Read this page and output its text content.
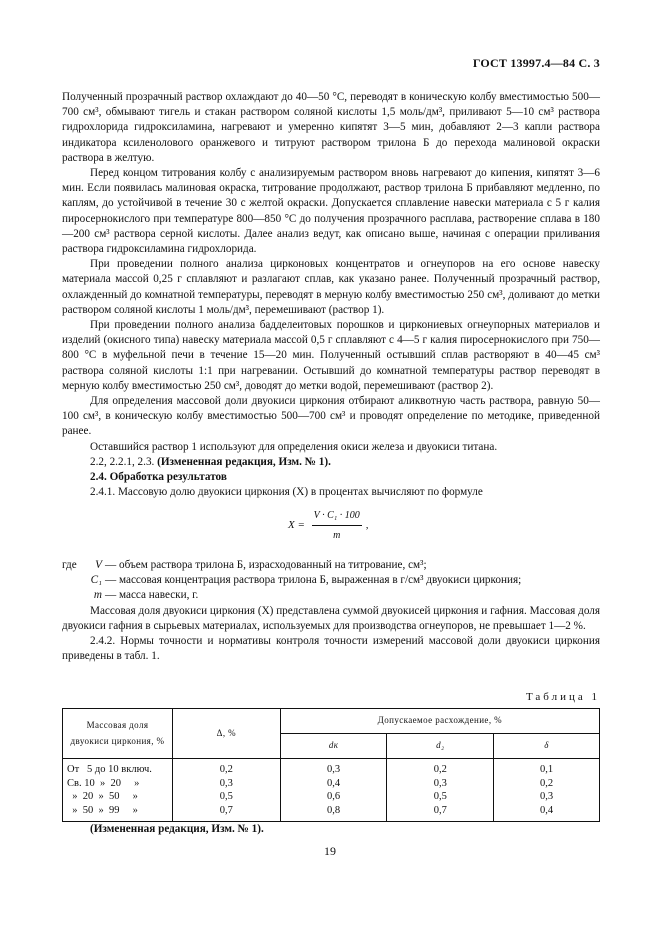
ГОСТ 13997.4—84 С. 3

Полученный прозрачный раствор охлаждают до 40—50 °С, переводят в коническую колбу вместимостью 500—700 см³, обмывают тигель и стакан раствором соляной кислоты 1,5 моль/дм³, приливают 5—10 см³ раствора гидрохлорида гидроксиламина, нагревают и умеренно кипятят 3—5 мин, добавляют 2—3 капли раствора индикатора ксиленолового оранжевого и титруют раствором трилона Б до перехода малиновой окраски раствора в желтую.

Перед концом титрования колбу с анализируемым раствором вновь нагревают до кипения, кипятят 3—6 мин. Если появилась малиновая окраска, титрование продолжают, раствор трилона Б прибавляют медленно, по каплям, до устойчивой в течение 30 с желтой окраски. Допускается сплавление навески материала с 5 г калия пиросернокислого при температуре 800—850 °С до получения прозрачного расплава, растворение сплава в 180—200 см³ раствора серной кислоты. Далее анализ ведут, как описано выше, начиная с операции приливания раствора гидроксиламина гидрохлорида.

При проведении полного анализа цирконовых концентратов и огнеупоров на его основе навеску материала массой 0,25 г сплавляют и разлагают сплав, как указано ранее. Полученный прозрачный раствор, охлажденный до комнатной температуры, переводят в мерную колбу вместимостью 250 см³, доливают до метки раствором соляной кислоты 1 моль/дм³, перемешивают (раствор 1).

При проведении полного анализа бадделеитовых порошков и циркониевых огнеупорных материалов и изделий (окисного типа) навеску материала массой 0,5 г сплавляют с 4—5 г калия пиросернокислого при 750—800 °С в муфельной печи в течение 15—20 мин. Полученный остывший сплав растворяют в 40—45 см³ раствора соляной кислоты 1:1 при нагревании. Остывший до комнатной температуры раствор переводят в мерную колбу вместимостью 250 см³, доводят до метки водой, перемешивают (раствор 2).

Для определения массовой доли двуокиси циркония отбирают аликвотную часть раствора, равную 50—100 см³, в коническую колбу вместимостью 500—700 см³ и проводят определение по методике, приведенной ранее.

Оставшийся раствор 1 используют для определения окиси железа и двуокиси титана.

2.2, 2.2.1, 2.3. (Измененная редакция, Изм. № 1).

2.4. Обработка результатов

2.4.1. Массовую долю двуокиси циркония (X) в процентах вычисляют по формуле

$X = \frac{\text{V · C₁ · 100}}{m}$ ,
где	V — объем раствора трилона Б, израсходованный на титрование, см³;
C₁ — массовая концентрация раствора трилона Б, выраженная в г/см³ двуокиси циркония;
m — масса навески, г.

Массовая доля двуокиси циркония (X) представлена суммой двуокисей циркония и гафния. Массовая доля двуокиси гафния в сырьевых материалах, используемых для производства огнеупоров, не превышает 1—2 %.

2.4.2. Нормы точности и нормативы контроля точности измерений массовой доли двуокиси циркония приведены в табл. 1.

Таблица 1
Массовая доля двуокиси циркония, %	Δ, %	Допускаемое расхождение, %		
		dк	d₂	δ
От   5 до 10 включ.	0,2	0,3	0,2	0,1
Св. 10  »  20     »	0,3	0,4	0,3	0,2
»  20  »  50     »	0,5	0,6	0,5	0,3
»  50  »  99     »	0,7	0,8	0,7	0,4
(Измененная редакция, Изм. № 1).
19
